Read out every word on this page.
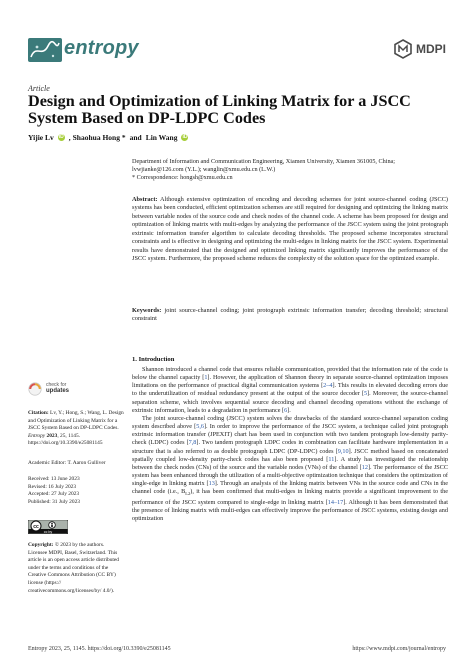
entropy	MDPI
Article
Design and Optimization of Linking Matrix for a JSCC System Based on DP-LDPC Codes
Yijie Lv iD , Shaohua Hong * and Lin Wang iD
Department of Information and Communication Engineering, Xiamen University, Xiamen 361005, China;
lvwjianke@126.com (Y.L.); wanglin@xmu.edu.cn (L.W.)
* Correspondence: hongsh@xmu.edu.cn
Abstract: Although extensive optimization of encoding and decoding schemes for joint source-channel coding (JSCC) systems has been conducted, efficient optimization schemes are still required for designing and optimizing the linking matrix between variable nodes of the source code and check nodes of the channel code. A scheme has been proposed for design and optimization of linking matrix with multi-edges by analyzing the performance of the JSCC system using the joint protograph extrinsic information transfer algorithm to calculate decoding thresholds. The proposed scheme incorporates structural constraints and is effective in designing and optimizing the multi-edges in linking matrix for the JSCC system. Experimental results have demonstrated that the designed and optimized linking matrix significantly improves the performance of the JSCC system. Furthermore, the proposed scheme reduces the complexity of the solution space for the optimized example.
Keywords: joint source-channel coding; joint protograph extrinsic information transfer; decoding threshold; structural constraint
1. Introduction

Shannon introduced a channel code that ensures reliable communication, provided that the information rate of the code is below the channel capacity [1]. However, the application of Shannon theory in separate source-channel optimization imposes limitations on the performance of practical digital communication systems [2–4]. This results in elevated decoding errors due to the underutilization of residual redundancy present at the output of the source decoder [5]. Moreover, the source-channel separation scheme, which involves sequential source decoding and channel decoding operations without the exchange of extrinsic information, leads to a degradation in performance [6].

The joint source-channel coding (JSCC) system solves the drawbacks of the standard source-channel separation coding system described above [5,6]. In order to improve the performance of the JSCC system, a technique called joint protograph extrinsic information transfer (JPEXIT) chart has been used in conjunction with two tandem protograph low-density parity-check (LDPC) codes [7,8]. Two tandem protograph LDPC codes in combination can facilitate hardware implementation in a structure that is also referred to as double protograph LDPC (DP-LDPC) codes [9,10]. JSCC method based on concatenated spatially coupled low-density parity-check codes has also been proposed [11]. A study has investigated the relationship between the check nodes (CNs) of the source and the variable nodes (VNs) of the channel [12]. The performance of the JSCC system has been enhanced through the utilization of a multi-objective optimization technique that considers the optimization of single-edge in linking matrix [13]. Through an analysis of the linking matrix between VNs in the source code and CNs in the channel code (i.e., $B_{L2}$), it has been confirmed that multi-edges in linking matrix provide a significant improvement to the performance of the JSCC system compared to single-edge in linking matrix [14–17]. Although it has been demonstrated that the presence of linking matrix with multi-edges can effectively improve the performance of JSCC systems, existing design and optimization

check for
updates
Citation: Lv, Y.; Hong, S.; Wang, L. Design and Optimization of Linking Matrix for a JSCC System Based on DP-LDPC Codes. Entropy 2023, 25, 1145. https://doi.org/10.3390/e25081145
Academic Editor: T. Aaron Gulliver
Received: 13 June 2023
Revised: 16 July 2023
Accepted: 27 July 2023
Published: 31 July 2023
cc
cc by
Copyright: © 2023 by the authors. Licensee MDPI, Basel, Switzerland. This article is an open access article distributed under the terms and conditions of the Creative Commons Attribution (CC BY) license (https:// creativecommons.org/licenses/by/ 4.0/).
Entropy 2023, 25, 1145. https://doi.org/10.3390/e25081145	https://www.mdpi.com/journal/entropy
